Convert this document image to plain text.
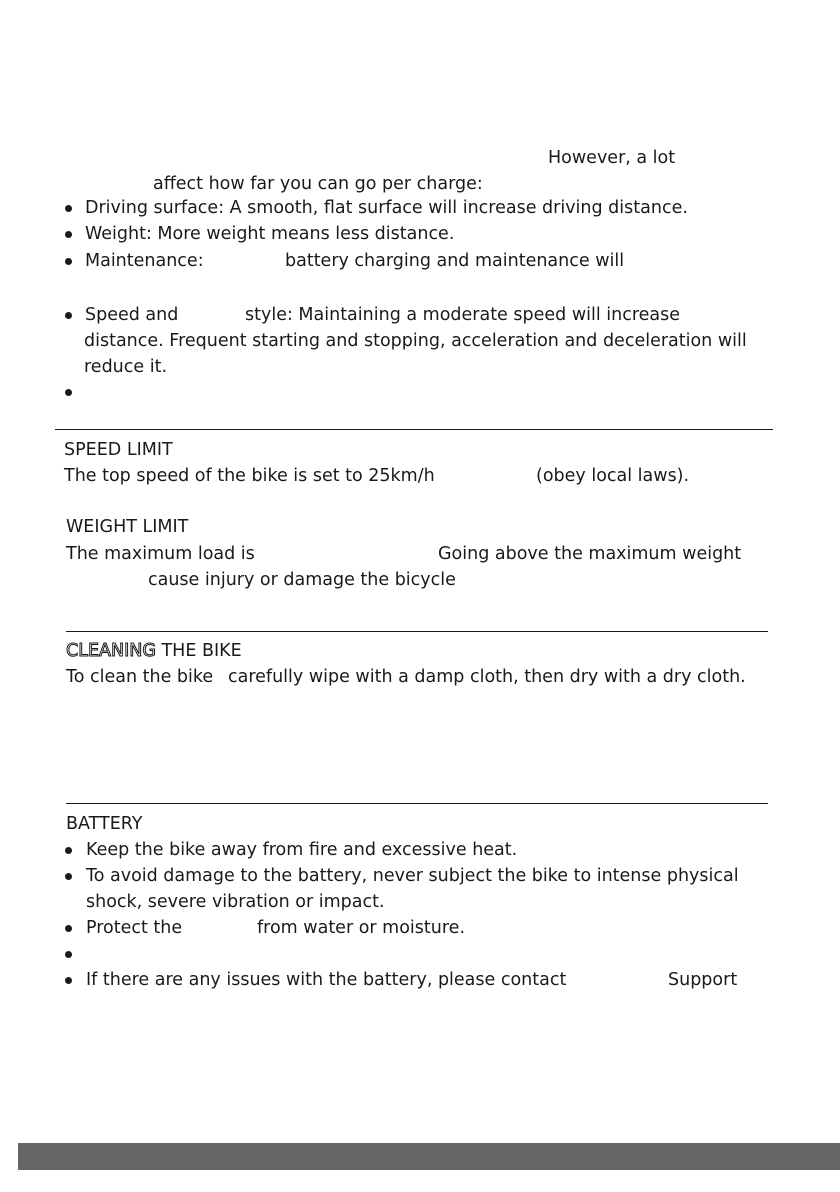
However, a lot
affect how far you can go per charge:
Driving surface: A smooth, flat surface will increase driving distance.
Weight: More weight means less distance.
Maintenance:	battery charging and maintenance will
Speed and	style: Maintaining a moderate speed will increase
distance. Frequent starting and stopping, acceleration and deceleration will
reduce it.
SPEED LIMIT
The top speed of the bike is set to 25km/h	(obey local laws).
WEIGHT LIMIT
The maximum load is	Going above the maximum weight
cause injury or damage the bicycle
CLEANING THE BIKE
To clean the bike carefully wipe with a damp cloth, then dry with a dry cloth.
BATTERY
Keep the bike away from fire and excessive heat.
To avoid damage to the battery, never subject the bike to intense physical
shock, severe vibration or impact.
Protect the	from water or moisture.
If there are any issues with the battery, please contact	Support
